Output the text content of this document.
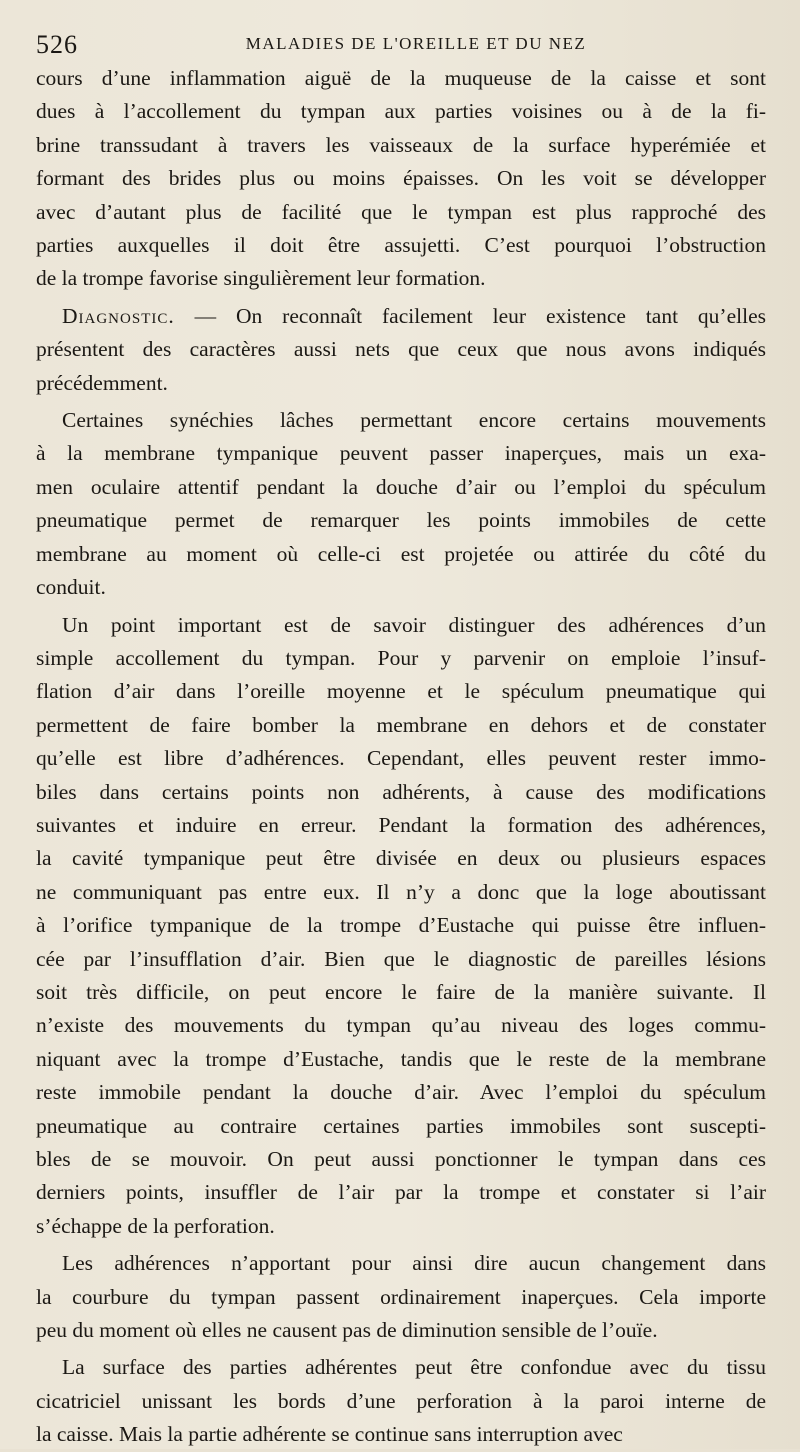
526	MALADIES DE L'OREILLE ET DU NEZ

cours d’une inflammation aiguë de la muqueuse de la caisse et sont
dues à l’accollement du tympan aux parties voisines ou à de la fi-
brine transsudant à travers les vaisseaux de la surface hyperémiée et
formant des brides plus ou moins épaisses. On les voit se développer
avec d’autant plus de facilité que le tympan est plus rapproché des
parties auxquelles il doit être assujetti. C’est pourquoi l’obstruction
de la trompe favorise singulièrement leur formation.

Diagnostic. — On reconnaît facilement leur existence tant qu’elles
présentent des caractères aussi nets que ceux que nous avons indiqués
précédemment.

Certaines synéchies lâches permettant encore certains mouvements
à la membrane tympanique peuvent passer inaperçues, mais un exa-
men oculaire attentif pendant la douche d’air ou l’emploi du spéculum
pneumatique permet de remarquer les points immobiles de cette
membrane au moment où celle-ci est projetée ou attirée du côté du
conduit.

Un point important est de savoir distinguer des adhérences d’un
simple accollement du tympan. Pour y parvenir on emploie l’insuf-
flation d’air dans l’oreille moyenne et le spéculum pneumatique qui
permettent de faire bomber la membrane en dehors et de constater
qu’elle est libre d’adhérences. Cependant, elles peuvent rester immo-
biles dans certains points non adhérents, à cause des modifications
suivantes et induire en erreur. Pendant la formation des adhérences,
la cavité tympanique peut être divisée en deux ou plusieurs espaces
ne communiquant pas entre eux. Il n’y a donc que la loge aboutissant
à l’orifice tympanique de la trompe d’Eustache qui puisse être influen-
cée par l’insufflation d’air. Bien que le diagnostic de pareilles lésions
soit très difficile, on peut encore le faire de la manière suivante. Il
n’existe des mouvements du tympan qu’au niveau des loges commu-
niquant avec la trompe d’Eustache, tandis que le reste de la membrane
reste immobile pendant la douche d’air. Avec l’emploi du spéculum
pneumatique au contraire certaines parties immobiles sont suscepti-
bles de se mouvoir. On peut aussi ponctionner le tympan dans ces
derniers points, insuffler de l’air par la trompe et constater si l’air
s’échappe de la perforation.

Les adhérences n’apportant pour ainsi dire aucun changement dans
la courbure du tympan passent ordinairement inaperçues. Cela importe
peu du moment où elles ne causent pas de diminution sensible de l’ouïe.

La surface des parties adhérentes peut être confondue avec du tissu
cicatriciel unissant les bords d’une perforation à la paroi interne de
la caisse. Mais la partie adhérente se continue sans interruption avec
